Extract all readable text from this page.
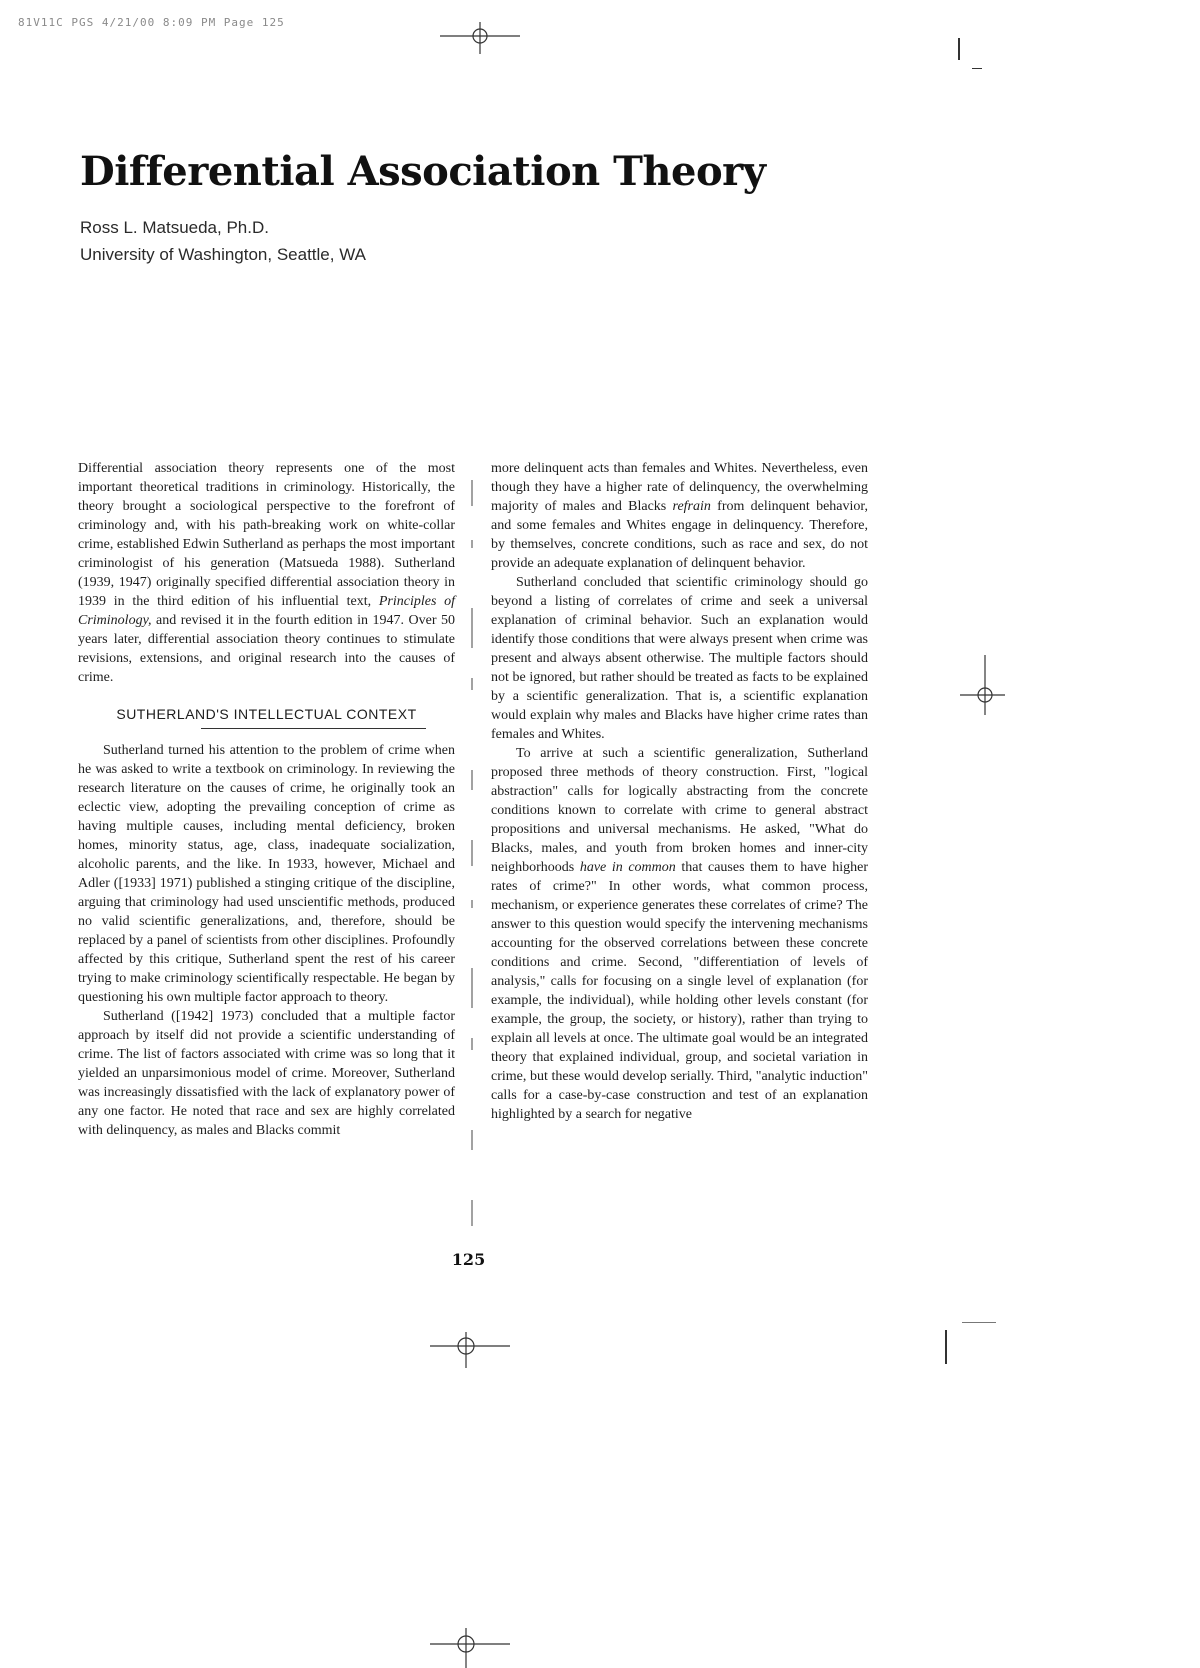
81V11C PGS 4/21/00 8:09 PM Page 125
Differential Association Theory
Ross L. Matsueda, Ph.D.
University of Washington, Seattle, WA

Differential association theory represents one of the most important theoretical traditions in criminology. Historically, the theory brought a sociological perspective to the forefront of criminology and, with his path-breaking work on white-collar crime, established Edwin Sutherland as perhaps the most important criminologist of his generation (Matsueda 1988). Sutherland (1939, 1947) originally specified differential association theory in 1939 in the third edition of his influential text, Principles of Criminology, and revised it in the fourth edition in 1947. Over 50 years later, differential association theory continues to stimulate revisions, extensions, and original research into the causes of crime.

SUTHERLAND'S INTELLECTUAL CONTEXT

Sutherland turned his attention to the problem of crime when he was asked to write a textbook on criminology. In reviewing the research literature on the causes of crime, he originally took an eclectic view, adopting the prevailing conception of crime as having multiple causes, including mental deficiency, broken homes, minority status, age, class, inadequate socialization, alcoholic parents, and the like. In 1933, however, Michael and Adler ([1933] 1971) published a stinging critique of the discipline, arguing that criminology had used unscientific methods, produced no valid scientific generalizations, and, therefore, should be replaced by a panel of scientists from other disciplines. Profoundly affected by this critique, Sutherland spent the rest of his career trying to make criminology scientifically respectable. He began by questioning his own multiple factor approach to theory.

Sutherland ([1942] 1973) concluded that a multiple factor approach by itself did not provide a scientific understanding of crime. The list of factors associated with crime was so long that it yielded an unparsimonious model of crime. Moreover, Sutherland was increasingly dissatisfied with the lack of explanatory power of any one factor. He noted that race and sex are highly correlated with delinquency, as males and Blacks commit

more delinquent acts than females and Whites. Nevertheless, even though they have a higher rate of delinquency, the overwhelming majority of males and Blacks refrain from delinquent behavior, and some females and Whites engage in delinquency. Therefore, by themselves, concrete conditions, such as race and sex, do not provide an adequate explanation of delinquent behavior.

Sutherland concluded that scientific criminology should go beyond a listing of correlates of crime and seek a universal explanation of criminal behavior. Such an explanation would identify those conditions that were always present when crime was present and always absent otherwise. The multiple factors should not be ignored, but rather should be treated as facts to be explained by a scientific generalization. That is, a scientific explanation would explain why males and Blacks have higher crime rates than females and Whites.

To arrive at such a scientific generalization, Sutherland proposed three methods of theory construction. First, "logical abstraction" calls for logically abstracting from the concrete conditions known to correlate with crime to general abstract propositions and universal mechanisms. He asked, "What do Blacks, males, and youth from broken homes and inner-city neighborhoods have in common that causes them to have higher rates of crime?" In other words, what common process, mechanism, or experience generates these correlates of crime? The answer to this question would specify the intervening mechanisms accounting for the observed correlations between these concrete conditions and crime. Second, "differentiation of levels of analysis," calls for focusing on a single level of explanation (for example, the individual), while holding other levels constant (for example, the group, the society, or history), rather than trying to explain all levels at once. The ultimate goal would be an integrated theory that explained individual, group, and societal variation in crime, but these would develop serially. Third, "analytic induction" calls for a case-by-case construction and test of an explanation highlighted by a search for negative

125
